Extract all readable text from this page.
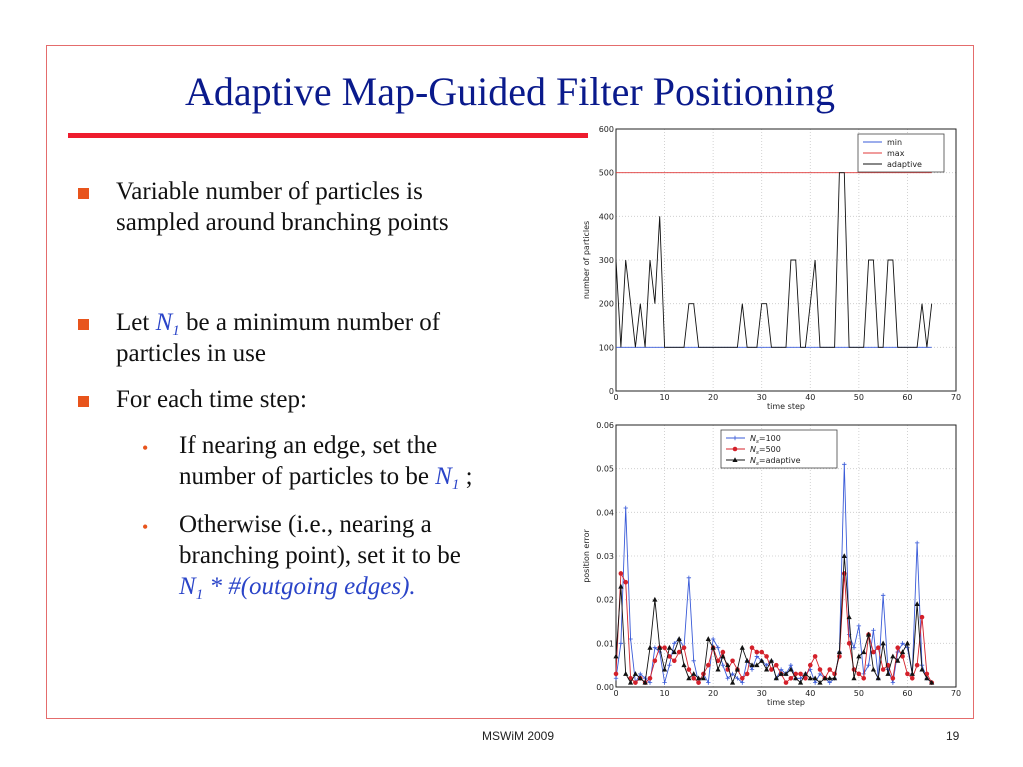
Adaptive Map-Guided Filter Positioning
Variable number of particles is
sampled around branching points
Let $N_1$ be a minimum number of
particles in use
For each time step:
• If nearing an edge, set the
number of particles to be $N_1$ ;
• Otherwise (i.e., nearing a
branching point), set it to be
$N_1$ * #(outgoing edges).
0	10	20	30	40	50	60	70
0
100
200
300
400
500
600
time step
number of particles
min
max
adaptive
0	10	20	30	40	50	60	70
0.00
0.01
0.02
0.03
0.04
0.05
0.06
time step
position error
$N_s=100$
$N_s=500$
$N_s=adaptive$
MSWiM 2009	19
